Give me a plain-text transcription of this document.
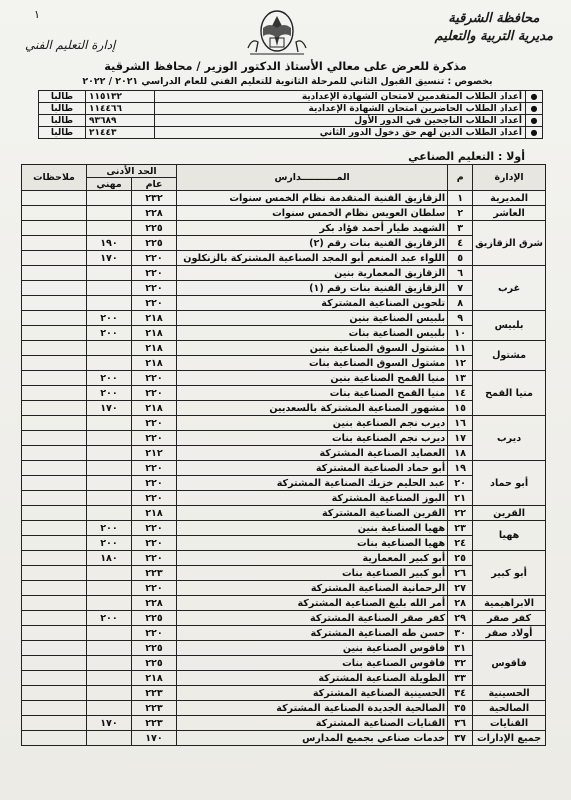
محافظة الشرقية
مديرية التربية والتعليم
إدارة التعليم الفني
١
مذكرة للعرض على معالي الأستاذ الدكتور الوزير / محافظ الشرقية
بخصوص : تنسيق القبول الثاني للمرحلة الثانوية للتعليم الفني للعام الدراسي ٢٠٢١ / ٢٠٢٢
●	أعداد الطلاب المتقدمين لامتحان الشهادة الإعدادية	١١٥١٣٢	طالبا
●	أعداد الطلاب الحاضرين امتحان الشهادة الإعدادية	١١٤٤٦٦	طالبا
●	أعداد الطلاب الناجحين في الدور الأول	٩٣٦٨٩	طالبا
●	أعداد الطلاب الذين لهم حق دخول الدور الثاني	٢١٤٤٣	طالبا
أولا : التعليم الصناعي
الإدارة	م	المـــــــــــدارس	الحد الأدنى		ملاحظات
			عام	مهني	
المديرية	١	الزقازيق الفنية المتقدمة نظام الخمس سنوات	٢٣٢		
العاشر	٢	سلطان العويس نظام الخمس سنوات	٢٢٨		
شرق الزقازيق	٣	الشهيد طيار أحمد فؤاد بكر	٢٢٥		
	٤	الزقازيق الفنية بنات رقم (٢)	٢٢٥	١٩٠	
	٥	اللواء عبد المنعم أبو المجد الصناعية المشتركة بالزنكلون	٢٢٠	١٧٠	
غرب	٦	الزقازيق المعمارية بنين	٢٢٠		
	٧	الزقازيق الفنية بنات رقم (١)	٢٢٠		
	٨	تلحوين الصناعية المشتركة	٢٢٠		
بلبيس	٩	بلبيس الصناعية بنين	٢١٨	٢٠٠	
	١٠	بلبيس الصناعية بنات	٢١٨	٢٠٠	
مشتول	١١	مشتول السوق الصناعية بنين	٢١٨		
	١٢	مشتول السوق الصناعية بنات	٢١٨		
منيا القمح	١٣	منيا القمح الصناعية بنين	٢٢٠	٢٠٠	
	١٤	منيا القمح الصناعية بنات	٢٢٠	٢٠٠	
	١٥	مشهور الصناعية المشتركة بالسعديين	٢١٨	١٧٠	
ديرب	١٦	ديرب نجم الصناعية بنين	٢٢٠		
	١٧	ديرب نجم الصناعية بنات	٢٢٠		
	١٨	العصايد الصناعية المشتركة	٢١٢		
أبو حماد	١٩	أبو حماد الصناعية المشتركة	٢٢٠		
	٢٠	عبد الحليم خزيك الصناعية المشتركة	٢٢٠		
	٢١	البوز الصناعية المشتركة	٢٢٠		
القرين	٢٢	القرين الصناعية المشتركة	٢١٨		
ههيا	٢٣	ههيا الصناعية بنين	٢٢٠	٢٠٠	
	٢٤	ههيا الصناعية بنات	٢٢٠	٢٠٠	
أبو كبير	٢٥	أبو كبير المعمارية	٢٢٠	١٨٠	
	٢٦	أبو كبير الصناعية بنات	٢٢٣		
	٢٧	الرحمانية الصناعية المشتركة	٢٢٠		
الابراهيمية	٢٨	أمر الله بليغ الصناعية المشتركة	٢٢٨		
كفر صقر	٢٩	كفر صقر الصناعية المشتركة	٢٢٥	٢٠٠	
أولاد صقر	٣٠	حسن طه الصناعية المشتركة	٢٢٠		
فاقوس	٣١	فاقوس الصناعية بنين	٢٢٥		
	٣٢	فاقوس الصناعية بنات	٢٢٥		
	٣٣	الطويلة الصناعية المشتركة	٢١٨		
الحسينية	٣٤	الحسينية الصناعية المشتركة	٢٢٣		
الصالحية	٣٥	الصالحية الجديدة الصناعية المشتركة	٢٢٣		
القنايات	٣٦	القنايات الصناعية المشتركة	٢٢٣	١٧٠	
جميع الإدارات	٣٧	خدمات صناعي بجميع المدارس	١٧٠		
